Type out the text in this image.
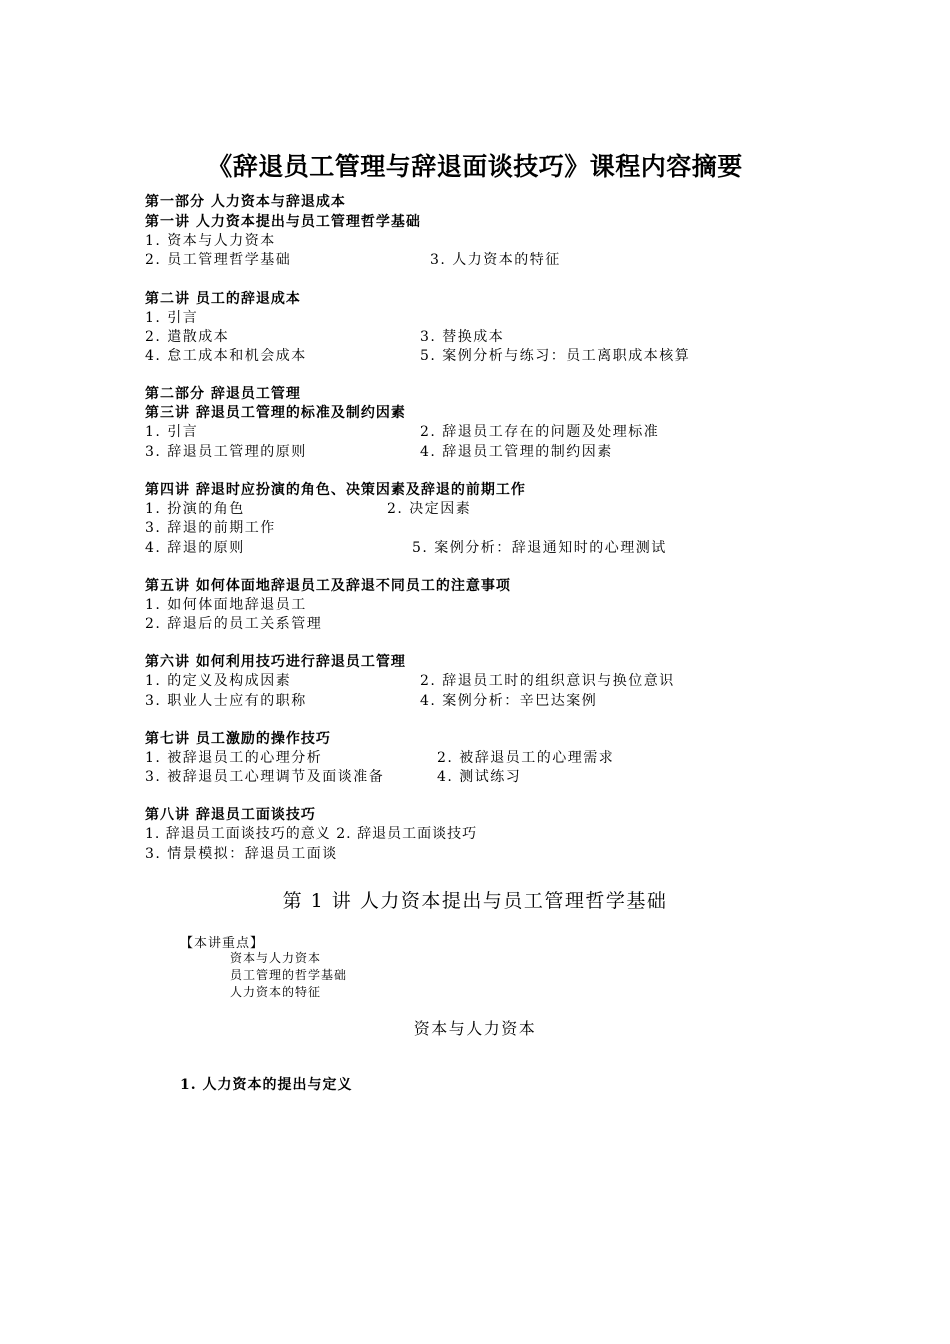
《辞退员工管理与辞退面谈技巧》课程内容摘要
第一部分 人力资本与辞退成本
第一讲 人力资本提出与员工管理哲学基础
1. 资本与人力资本
2. 员工管理哲学基础	3. 人力资本的特征
第二讲 员工的辞退成本
1. 引言
2. 遣散成本	3. 替换成本
4. 怠工成本和机会成本	5. 案例分析与练习：员工离职成本核算
第二部分 辞退员工管理
第三讲 辞退员工管理的标准及制约因素
1. 引言	2. 辞退员工存在的问题及处理标准
3. 辞退员工管理的原则	4. 辞退员工管理的制约因素
第四讲 辞退时应扮演的角色、决策因素及辞退的前期工作
1. 扮演的角色	2. 决定因素
3. 辞退的前期工作
4. 辞退的原则	5. 案例分析：辞退通知时的心理测试
第五讲 如何体面地辞退员工及辞退不同员工的注意事项
1. 如何体面地辞退员工
2. 辞退后的员工关系管理
第六讲 如何利用技巧进行辞退员工管理
1. 的定义及构成因素	2. 辞退员工时的组织意识与换位意识
3. 职业人士应有的职称	4. 案例分析：辛巴达案例
第七讲 员工激励的操作技巧
1. 被辞退员工的心理分析	2. 被辞退员工的心理需求
3. 被辞退员工心理调节及面谈准备	4. 测试练习
第八讲 辞退员工面谈技巧
1. 辞退员工面谈技巧的意义 2. 辞退员工面谈技巧
3. 情景模拟：辞退员工面谈
第 1 讲 人力资本提出与员工管理哲学基础
【本讲重点】
资本与人力资本
员工管理的哲学基础
人力资本的特征
资本与人力资本
1. 人力资本的提出与定义
